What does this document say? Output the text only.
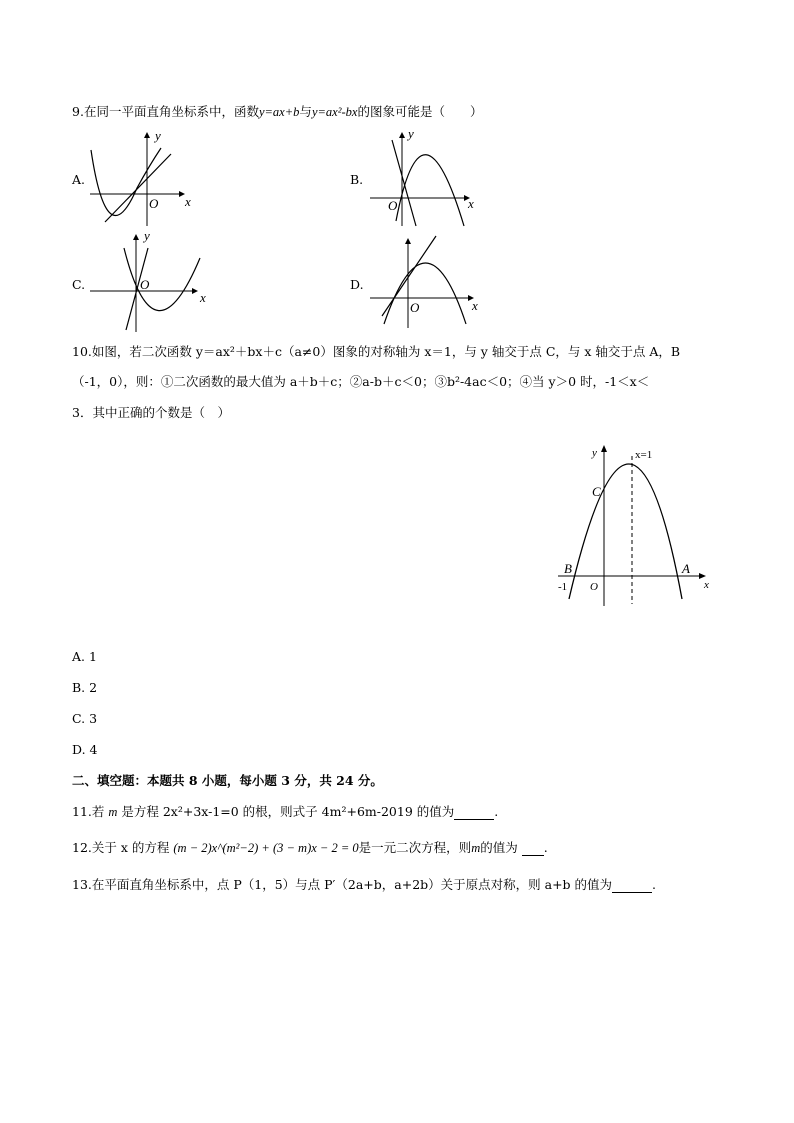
9.在同一平面直角坐标系中，函数y=ax+b与y=ax²-bx的图象可能是（　　）
A.
y
x
O
B.
y
x
O
C.
y
x
O	D.
x
O
10.如图，若二次函数 y＝ax²＋bx＋c（a≠0）图象的对称轴为 x＝1，与 y 轴交于点 C，与 x 轴交于点 A，B
（-1，0），则：①二次函数的最大值为 a＋b＋c；②a-b＋c＜0；③b²-4ac＜0；④当 y＞0 时，-1＜x＜
3．其中正确的个数是（　）
y	x=1
C
B	A
-1 O	x
A. 1
B. 2
C. 3
D. 4
二、填空题：本题共 8 小题，每小题 3 分，共 24 分。
11.若 m 是方程 2x²+3x-1=0 的根，则式子 4m²+6m-2019 的值为	.
12.关于 x 的方程 (m − 2)x^(m²−2) + (3 − m)x − 2 = 0是一元二次方程，则m的值为 .
13.在平面直角坐标系中，点 P（1，5）与点 P′（2a+b，a+2b）关于原点对称，则 a+b 的值为	.
